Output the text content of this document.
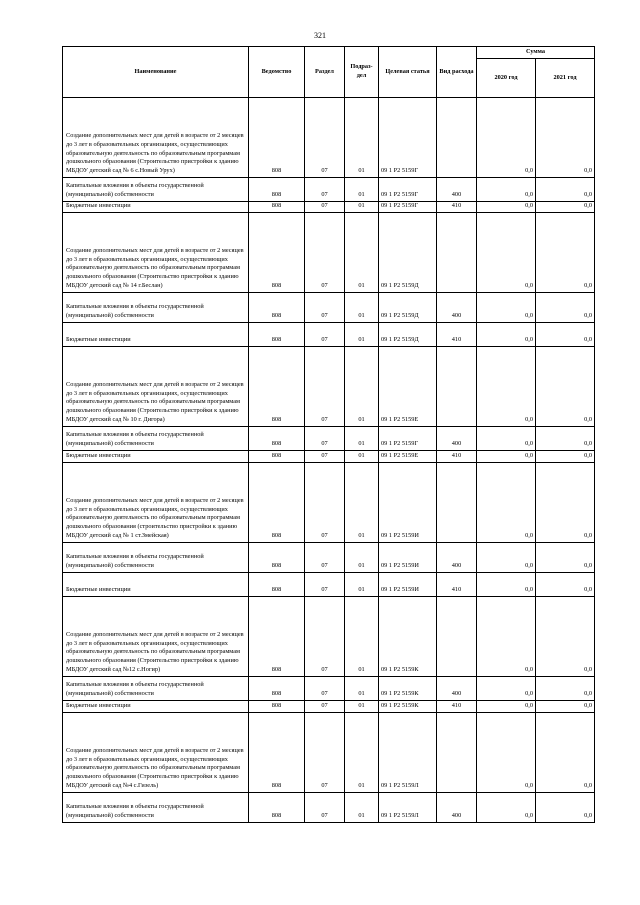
321
Наименование	Ведомство	Раздел	Подраз-дел	Целевая статья	Вид расхода	Сумма	
						2020 год	2021 год
Создание дополнительных мест для детей в возрасте от 2 месяцев до 3 лет в образовательных организациях, осуществляющих образовательную деятельность по образовательным программам дошкольного образования (Строительство пристройки к зданию МБДОУ детский сад № 6 с.Новый Урух)	808	07	01	09 1 P2 5159Г		0,0	0,0
Капитальные вложения в объекты государственной (муниципальной) собственности	808	07	01	09 1 P2 5159Г	400	0,0	0,0
Бюджетные инвестиции	808	07	01	09 1 P2 5159Г	410	0,0	0,0
Создание дополнительных мест для детей в возрасте от 2 месяцев до 3 лет в образовательных организациях, осуществляющих образовательную деятельность по образовательным программам дошкольного образования (Строительство пристройки к зданию МБДОУ детский сад № 14 г.Беслан)	808	07	01	09 1 P2 5159Д		0,0	0,0
Капитальные вложения в объекты государственной (муниципальной) собственности	808	07	01	09 1 P2 5159Д	400	0,0	0,0
Бюджетные инвестиции	808	07	01	09 1 P2 5159Д	410	0,0	0,0
Создание дополнительных мест для детей в возрасте от 2 месяцев до 3 лет в образовательных организациях, осуществляющих образовательную деятельность по образовательным программам дошкольного образования (Строительство пристройки к зданию МБДОУ детский сад № 10 г. Дигора)	808	07	01	09 1 P2 5159Е		0,0	0,0
Капитальные вложения в объекты государственной (муниципальной) собственности	808	07	01	09 1 P2 5159Г	400	0,0	0,0
Бюджетные инвестиции	808	07	01	09 1 P2 5159Е	410	0,0	0,0
Создание дополнительных мест для детей в возрасте от 2 месяцев до 3 лет в образовательных организациях, осуществляющих образовательную деятельность по образовательным программам дошкольного образования (строительство пристройки к зданию МБДОУ детский сад № 1 ст.Змейская)	808	07	01	09 1 P2 5159И		0,0	0,0
Капитальные вложения в объекты государственной (муниципальной) собственности	808	07	01	09 1 P2 5159И	400	0,0	0,0
Бюджетные инвестиции	808	07	01	09 1 P2 5159И	410	0,0	0,0
Создание дополнительных мест для детей в возрасте от 2 месяцев до 3 лет в образовательных организациях, осуществляющих образовательную деятельность по образовательным программам дошкольного образования (Строительство пристройки к зданию МБДОУ детский сад №12 с.Ногир)	808	07	01	09 1 P2 5159К		0,0	0,0
Капитальные вложения в объекты государственной (муниципальной) собственности	808	07	01	09 1 P2 5159К	400	0,0	0,0
Бюджетные инвестиции	808	07	01	09 1 P2 5159К	410	0,0	0,0
Создание дополнительных мест для детей в возрасте от 2 месяцев до 3 лет в образовательных организациях, осуществляющих образовательную деятельность по образовательным программам дошкольного образования (Строительство пристройки к зданию МБДОУ детский сад №4 с.Гизель)	808	07	01	09 1 P2 5159Л		0,0	0,0
Капитальные вложения в объекты государственной (муниципальной) собственности	808	07	01	09 1 P2 5159Л	400	0,0	0,0
